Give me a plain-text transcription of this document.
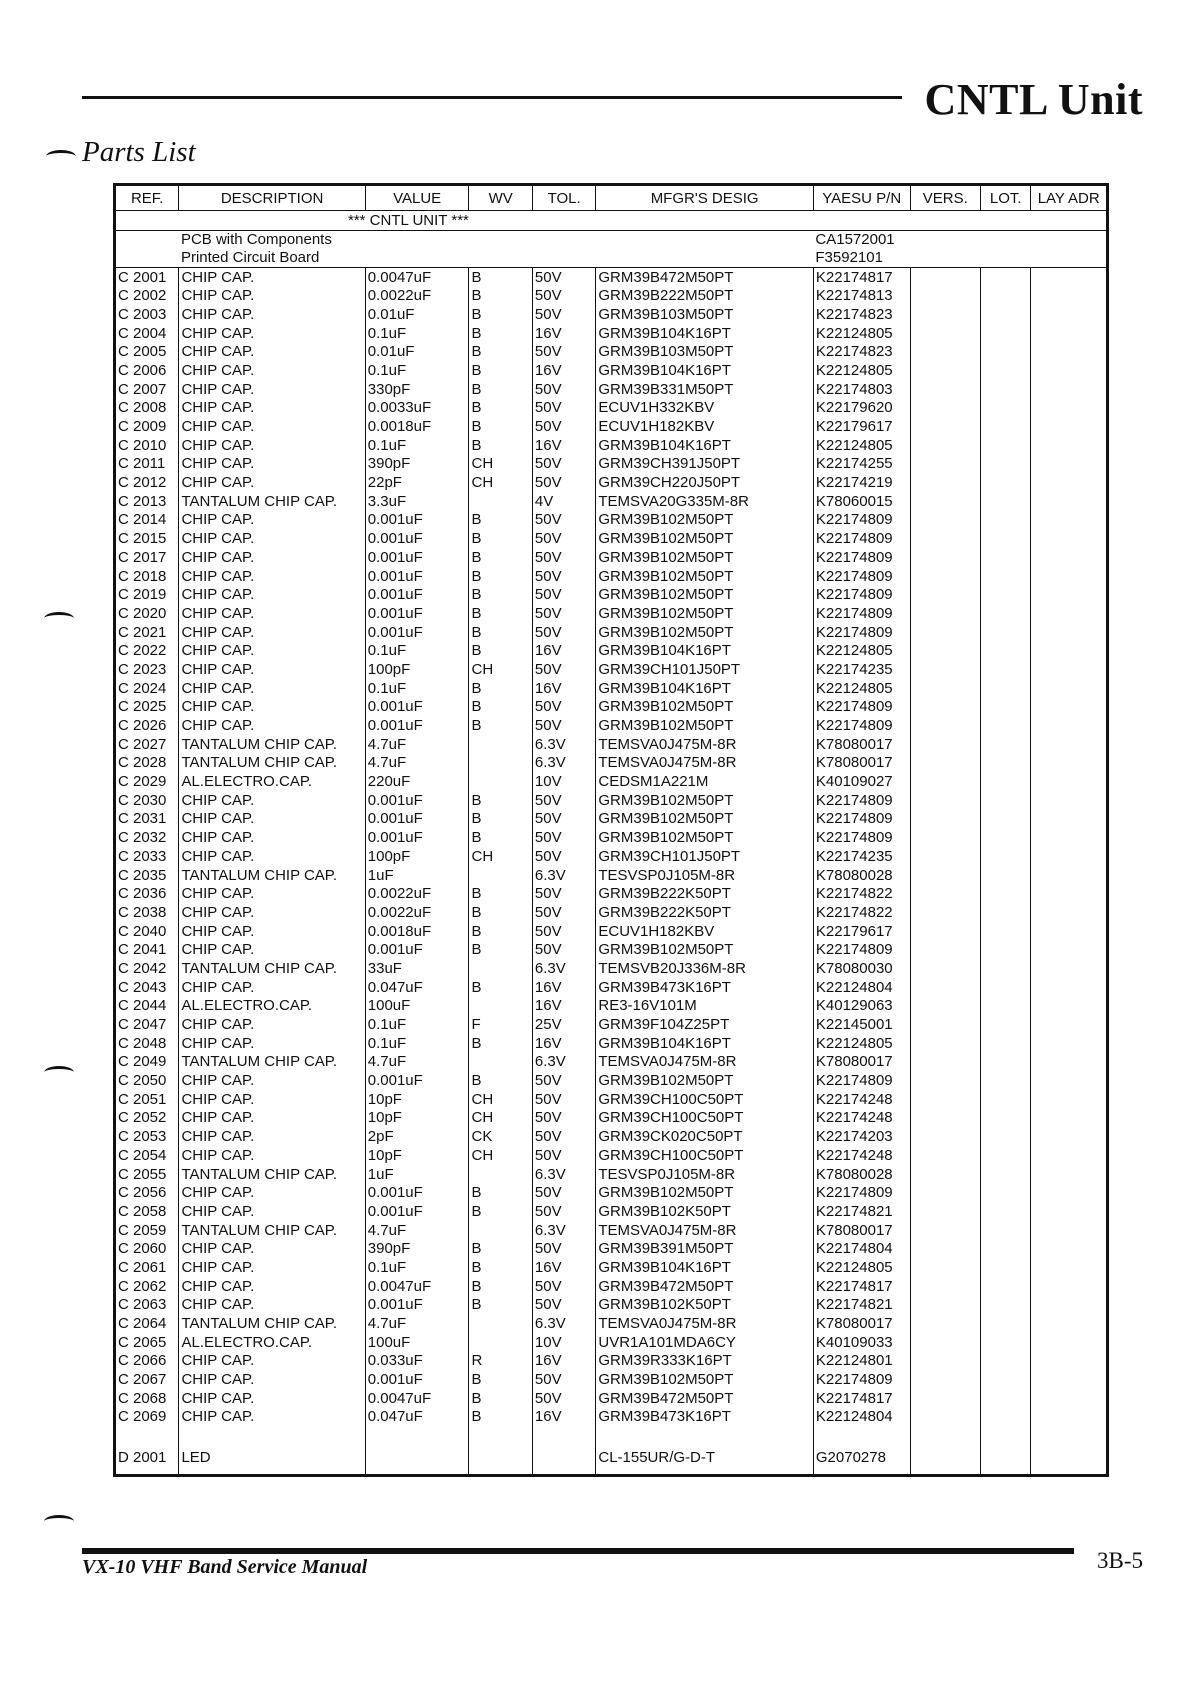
CNTL Unit
Parts List
REF.	DESCRIPTION	VALUE	WV	TOL.	MFGR'S DESIG	YAESU P/N	VERS.	LOT.	LAY ADR
*** CNTL UNIT ***									
	PCB with Components					CA1572001			
	Printed Circuit Board					F3592101			
C 2001	CHIP CAP.	0.0047uF	B	50V	GRM39B472M50PT	K22174817			
C 2002	CHIP CAP.	0.0022uF	B	50V	GRM39B222M50PT	K22174813			
C 2003	CHIP CAP.	0.01uF	B	50V	GRM39B103M50PT	K22174823			
C 2004	CHIP CAP.	0.1uF	B	16V	GRM39B104K16PT	K22124805			
C 2005	CHIP CAP.	0.01uF	B	50V	GRM39B103M50PT	K22174823			
C 2006	CHIP CAP.	0.1uF	B	16V	GRM39B104K16PT	K22124805			
C 2007	CHIP CAP.	330pF	B	50V	GRM39B331M50PT	K22174803			
C 2008	CHIP CAP.	0.0033uF	B	50V	ECUV1H332KBV	K22179620			
C 2009	CHIP CAP.	0.0018uF	B	50V	ECUV1H182KBV	K22179617			
C 2010	CHIP CAP.	0.1uF	B	16V	GRM39B104K16PT	K22124805			
C 2011	CHIP CAP.	390pF	CH	50V	GRM39CH391J50PT	K22174255			
C 2012	CHIP CAP.	22pF	CH	50V	GRM39CH220J50PT	K22174219			
C 2013	TANTALUM CHIP CAP.	3.3uF		4V	TEMSVA20G335M-8R	K78060015			
C 2014	CHIP CAP.	0.001uF	B	50V	GRM39B102M50PT	K22174809			
C 2015	CHIP CAP.	0.001uF	B	50V	GRM39B102M50PT	K22174809			
C 2017	CHIP CAP.	0.001uF	B	50V	GRM39B102M50PT	K22174809			
C 2018	CHIP CAP.	0.001uF	B	50V	GRM39B102M50PT	K22174809			
C 2019	CHIP CAP.	0.001uF	B	50V	GRM39B102M50PT	K22174809			
C 2020	CHIP CAP.	0.001uF	B	50V	GRM39B102M50PT	K22174809			
C 2021	CHIP CAP.	0.001uF	B	50V	GRM39B102M50PT	K22174809			
C 2022	CHIP CAP.	0.1uF	B	16V	GRM39B104K16PT	K22124805			
C 2023	CHIP CAP.	100pF	CH	50V	GRM39CH101J50PT	K22174235			
C 2024	CHIP CAP.	0.1uF	B	16V	GRM39B104K16PT	K22124805			
C 2025	CHIP CAP.	0.001uF	B	50V	GRM39B102M50PT	K22174809			
C 2026	CHIP CAP.	0.001uF	B	50V	GRM39B102M50PT	K22174809			
C 2027	TANTALUM CHIP CAP.	4.7uF		6.3V	TEMSVA0J475M-8R	K78080017			
C 2028	TANTALUM CHIP CAP.	4.7uF		6.3V	TEMSVA0J475M-8R	K78080017			
C 2029	AL.ELECTRO.CAP.	220uF		10V	CEDSM1A221M	K40109027			
C 2030	CHIP CAP.	0.001uF	B	50V	GRM39B102M50PT	K22174809			
C 2031	CHIP CAP.	0.001uF	B	50V	GRM39B102M50PT	K22174809			
C 2032	CHIP CAP.	0.001uF	B	50V	GRM39B102M50PT	K22174809			
C 2033	CHIP CAP.	100pF	CH	50V	GRM39CH101J50PT	K22174235			
C 2035	TANTALUM CHIP CAP.	1uF		6.3V	TESVSP0J105M-8R	K78080028			
C 2036	CHIP CAP.	0.0022uF	B	50V	GRM39B222K50PT	K22174822			
C 2038	CHIP CAP.	0.0022uF	B	50V	GRM39B222K50PT	K22174822			
C 2040	CHIP CAP.	0.0018uF	B	50V	ECUV1H182KBV	K22179617			
C 2041	CHIP CAP.	0.001uF	B	50V	GRM39B102M50PT	K22174809			
C 2042	TANTALUM CHIP CAP.	33uF		6.3V	TEMSVB20J336M-8R	K78080030			
C 2043	CHIP CAP.	0.047uF	B	16V	GRM39B473K16PT	K22124804			
C 2044	AL.ELECTRO.CAP.	100uF		16V	RE3-16V101M	K40129063			
C 2047	CHIP CAP.	0.1uF	F	25V	GRM39F104Z25PT	K22145001			
C 2048	CHIP CAP.	0.1uF	B	16V	GRM39B104K16PT	K22124805			
C 2049	TANTALUM CHIP CAP.	4.7uF		6.3V	TEMSVA0J475M-8R	K78080017			
C 2050	CHIP CAP.	0.001uF	B	50V	GRM39B102M50PT	K22174809			
C 2051	CHIP CAP.	10pF	CH	50V	GRM39CH100C50PT	K22174248			
C 2052	CHIP CAP.	10pF	CH	50V	GRM39CH100C50PT	K22174248			
C 2053	CHIP CAP.	2pF	CK	50V	GRM39CK020C50PT	K22174203			
C 2054	CHIP CAP.	10pF	CH	50V	GRM39CH100C50PT	K22174248			
C 2055	TANTALUM CHIP CAP.	1uF		6.3V	TESVSP0J105M-8R	K78080028			
C 2056	CHIP CAP.	0.001uF	B	50V	GRM39B102M50PT	K22174809			
C 2058	CHIP CAP.	0.001uF	B	50V	GRM39B102K50PT	K22174821			
C 2059	TANTALUM CHIP CAP.	4.7uF		6.3V	TEMSVA0J475M-8R	K78080017			
C 2060	CHIP CAP.	390pF	B	50V	GRM39B391M50PT	K22174804			
C 2061	CHIP CAP.	0.1uF	B	16V	GRM39B104K16PT	K22124805			
C 2062	CHIP CAP.	0.0047uF	B	50V	GRM39B472M50PT	K22174817			
C 2063	CHIP CAP.	0.001uF	B	50V	GRM39B102K50PT	K22174821			
C 2064	TANTALUM CHIP CAP.	4.7uF		6.3V	TEMSVA0J475M-8R	K78080017			
C 2065	AL.ELECTRO.CAP.	100uF		10V	UVR1A101MDA6CY	K40109033			
C 2066	CHIP CAP.	0.033uF	R	16V	GRM39R333K16PT	K22124801			
C 2067	CHIP CAP.	0.001uF	B	50V	GRM39B102M50PT	K22174809			
C 2068	CHIP CAP.	0.0047uF	B	50V	GRM39B472M50PT	K22174817			
C 2069	CHIP CAP.	0.047uF	B	16V	GRM39B473K16PT	K22124804			

D 2001	LED				CL-155UR/G-D-T	G2070278			
VX-10 VHF Band Service Manual	3B-5
